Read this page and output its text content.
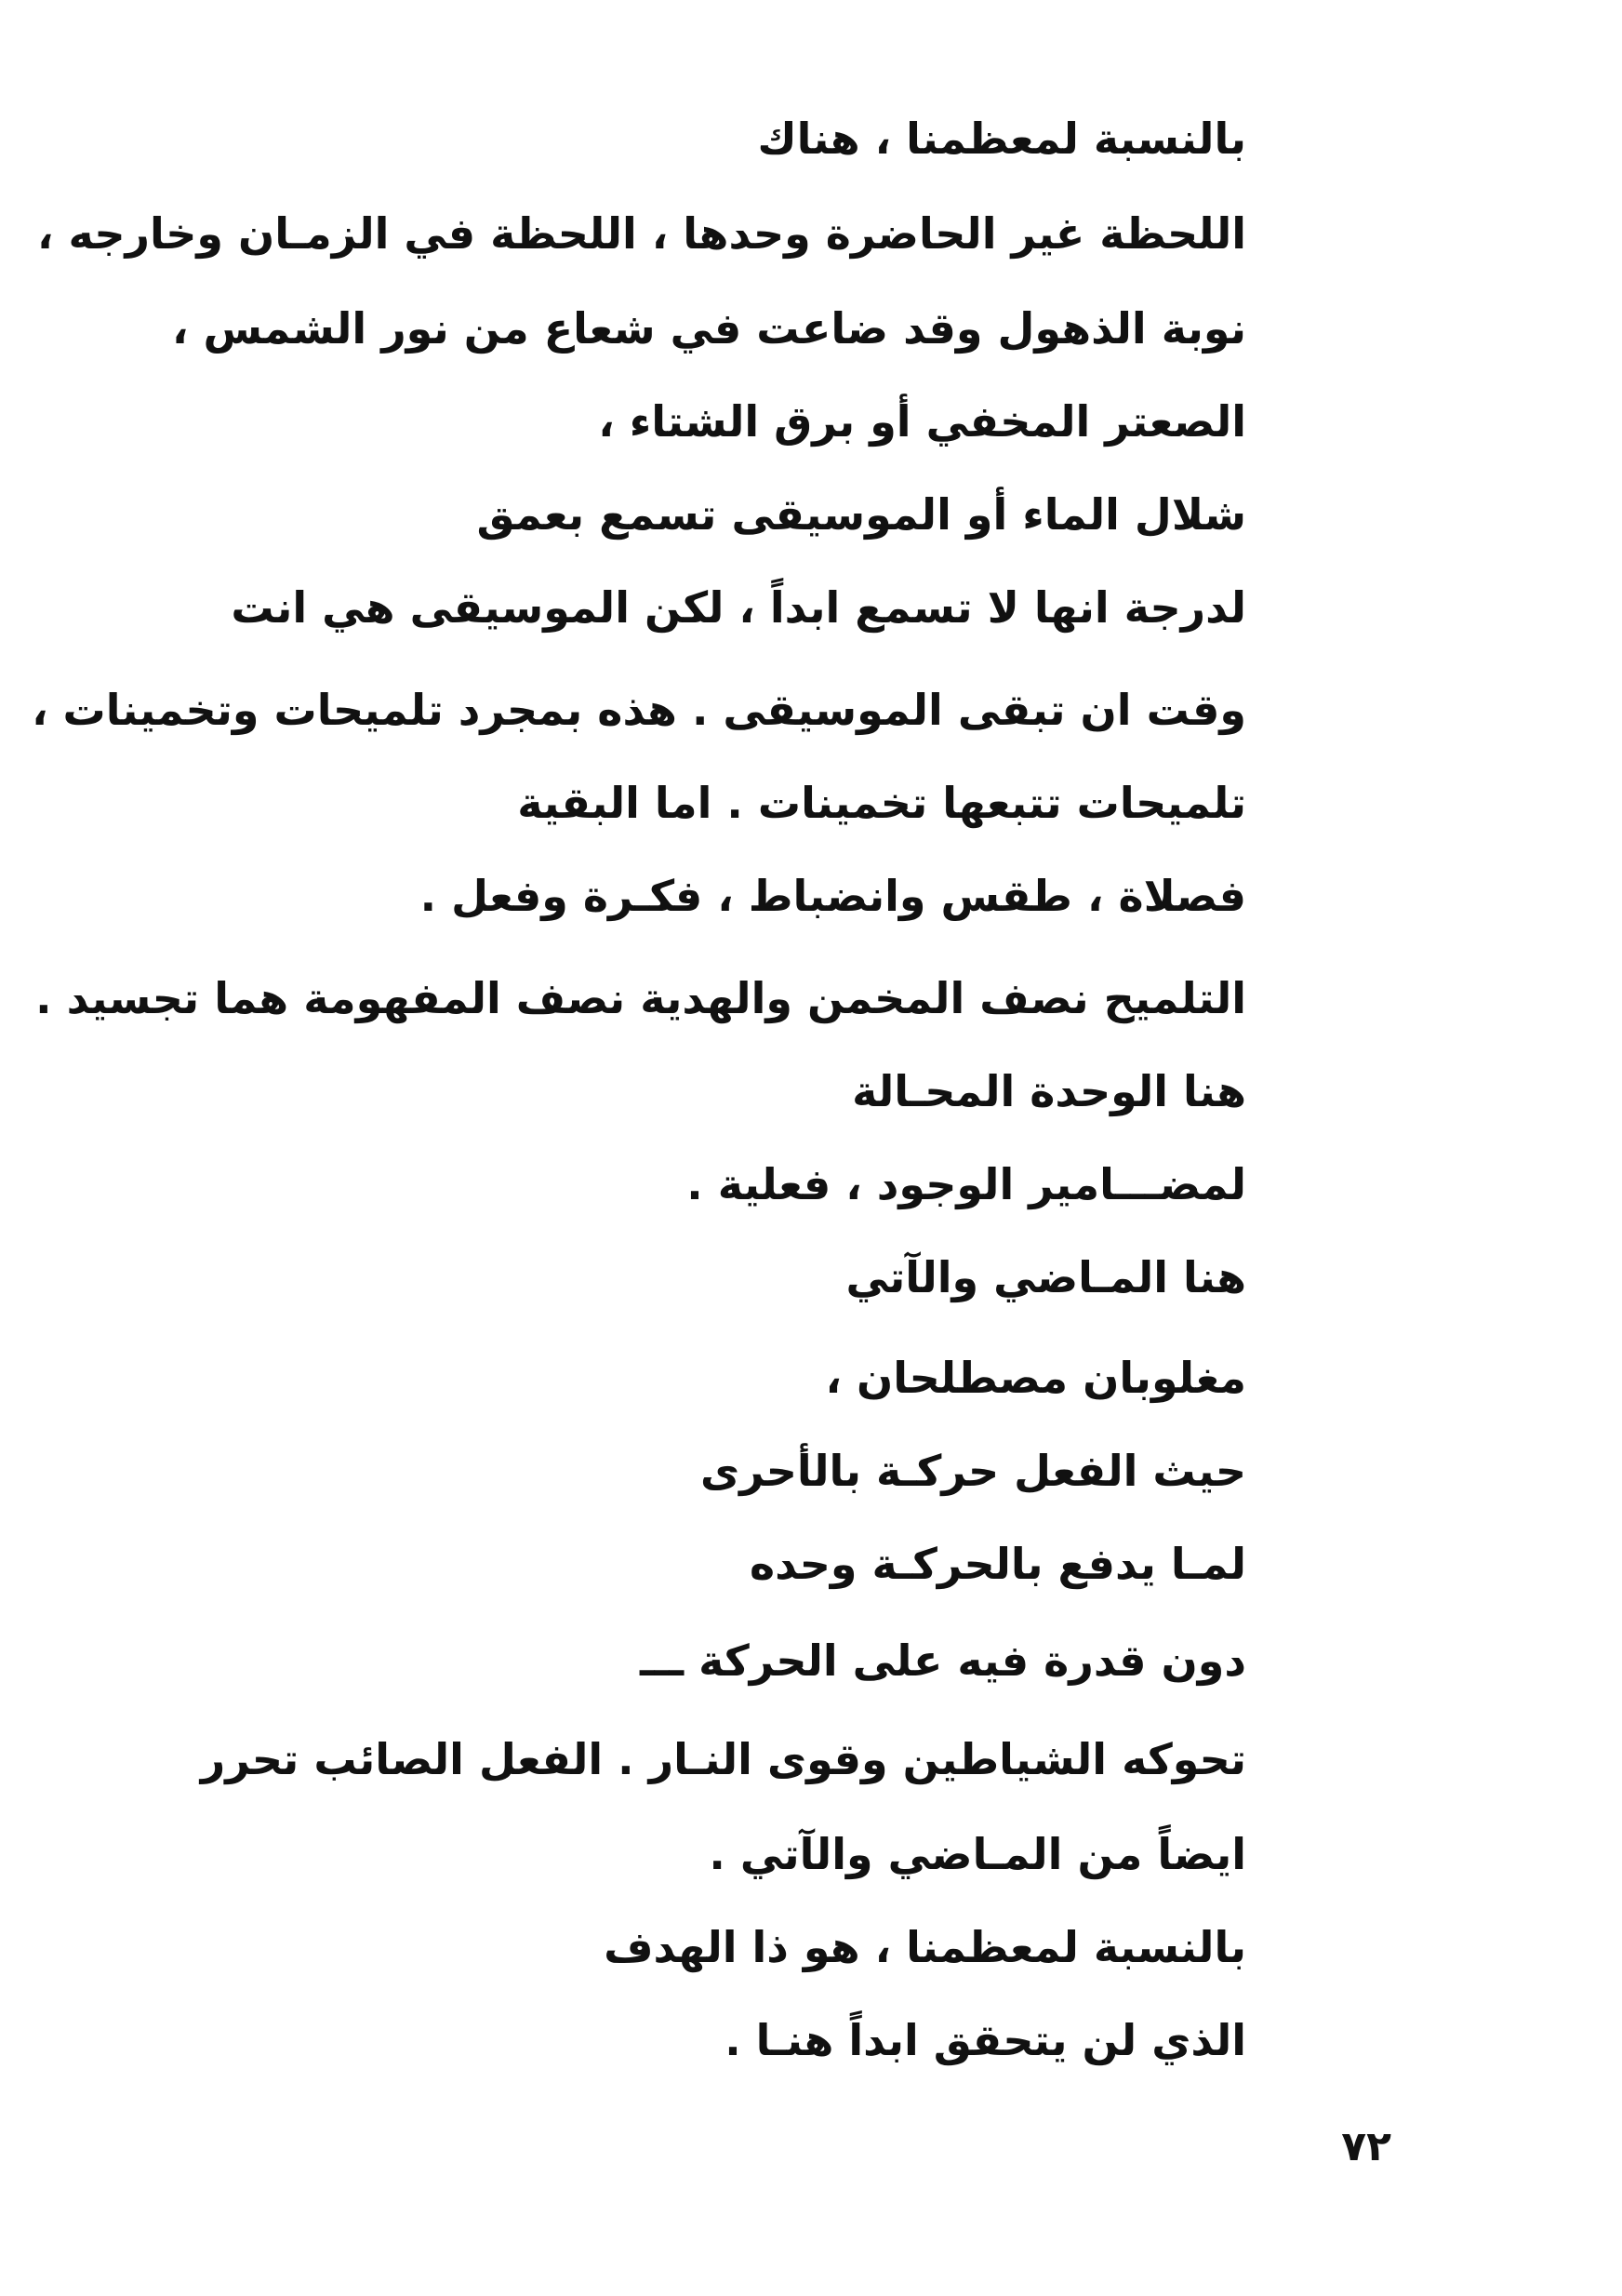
بالنسبة لمعظمنا ، هناك
اللحظة غير الحاضرة وحدها ، اللحظة في الزمـان وخارجه ،
نوبة الذهول وقد ضاعت في شعاع من نور الشمس ،
الصعتر المخفي أو برق الشتاء ،
شلال الماء أو الموسيقى تسمع بعمق
لدرجة انها لا تسمع ابداً ، لكن الموسيقى هي انت
وقت ان تبقى الموسيقى . هذه بمجرد تلميحات وتخمينات ،
تلميحات تتبعها تخمينات . اما البقية
فصلاة ، طقس وانضباط ، فكـرة وفعل .
التلميح نصف المخمن والهدية نصف المفهومة هما تجسيد .
هنا الوحدة المحـالة
لمضـــامير الوجود ، فعلية .
هنا المـاضي والآتي
مغلوبان مصطلحان ،
حيث الفعل حركـة بالأحرى
لمـا يدفع بالحركـة وحده
دون قدرة فيه على الحركة ـــ
تحوكه الشياطين وقوى النـار . الفعل الصائب تحرر
ايضاً من المـاضي والآتي .
بالنسبة لمعظمنا ، هو ذا الهدف
الذي لن يتحقق ابداً هنـا .
٧٢
